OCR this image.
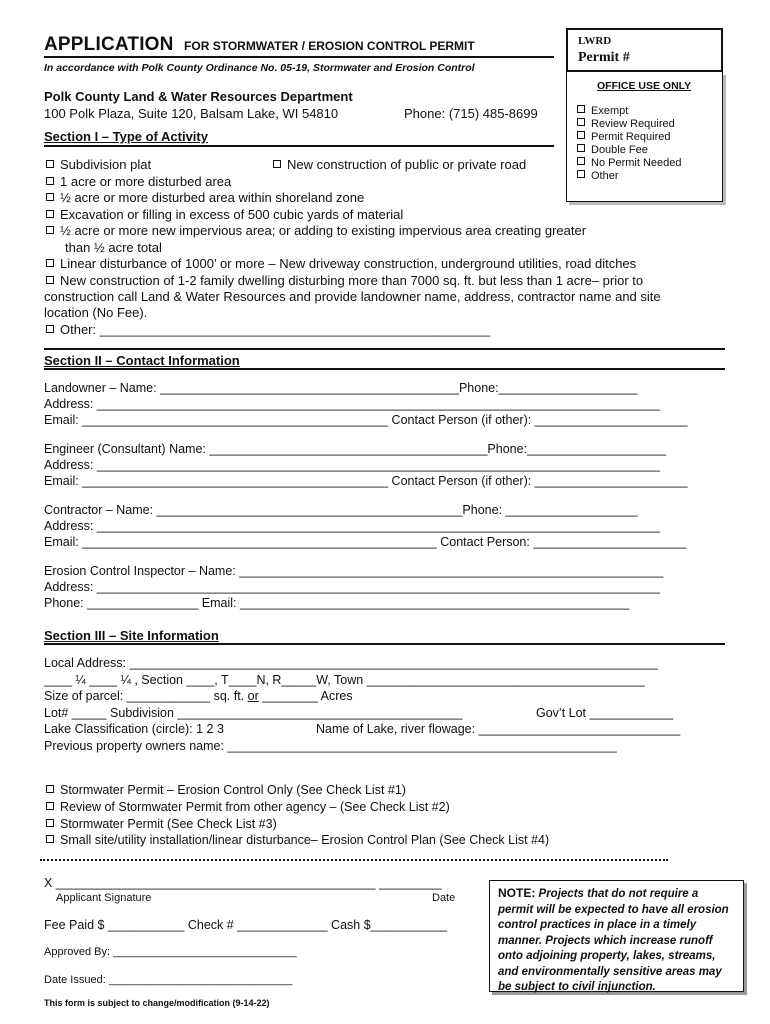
APPLICATION FOR STORMWATER / EROSION CONTROL PERMIT
In accordance with Polk County Ordinance No. 05-19, Stormwater and Erosion Control
Polk County Land & Water Resources Department
100 Polk Plaza, Suite 120, Balsam Lake, WI 54810	Phone: (715) 485-8699
LWRD
Permit #
OFFICE USE ONLY
Exempt
Review Required
Permit Required
Double Fee
No Permit Needed
Other
Section I – Type of Activity
Subdivision plat	New construction of public or private road
1 acre or more disturbed area
½ acre or more disturbed area within shoreland zone
Excavation or filling in excess of 500 cubic yards of material
½ acre or more new impervious area; or adding to existing impervious area creating greater
than ½ acre total
Linear disturbance of 1000’ or more – New driveway construction, underground utilities, road ditches
New construction of 1-2 family dwelling disturbing more than 7000 sq. ft. but less than 1 acre– prior to
construction call Land & Water Resources and provide landowner name, address, contractor name and site
location (No Fee).
Other: ______________________________________________________
Section II – Contact Information
Landowner – Name: ___________________________________________Phone:____________________
Address: _________________________________________________________________________________
Email: ____________________________________________ Contact Person (if other): ______________________
Engineer (Consultant) Name: ________________________________________Phone:____________________
Address: _________________________________________________________________________________
Email: ____________________________________________ Contact Person (if other): ______________________
Contractor – Name: ____________________________________________Phone: ___________________
Address: _________________________________________________________________________________
Email: ___________________________________________________ Contact Person: ______________________
Erosion Control Inspector – Name: _____________________________________________________________
Address: _________________________________________________________________________________
Phone: ________________ Email: ________________________________________________________
Section III – Site Information
Local Address: ____________________________________________________________________________
____ ¼ ____ ¼ , Section ____, T____N, R_____W, Town ________________________________________
Size of parcel: ____________ sq. ft. or ________ Acres
Lot# _____ Subdivision _________________________________________	Gov’t Lot ____________
Lake Classification (circle): 1 2 3	Name of Lake, river flowage: _____________________________
Previous property owners name: ________________________________________________________
Stormwater Permit – Erosion Control Only (See Check List #1)
Review of Stormwater Permit from other agency – (See Check List #2)
Stormwater Permit (See Check List #3)
Small site/utility installation/linear disturbance– Erosion Control Plan (See Check List #4)
X ______________________________________________ _________
Applicant Signature	Date
Fee Paid $ ___________ Check # _____________ Cash $___________
Approved By: ______________________________
Date Issued: ______________________________
This form is subject to change/modification (9-14-22)
NOTE: Projects that do not require a permit will be expected to have all erosion control practices in place in a timely manner. Projects which increase runoff onto adjoining property, lakes, streams, and environmentally sensitive areas may be subject to civil injunction.
